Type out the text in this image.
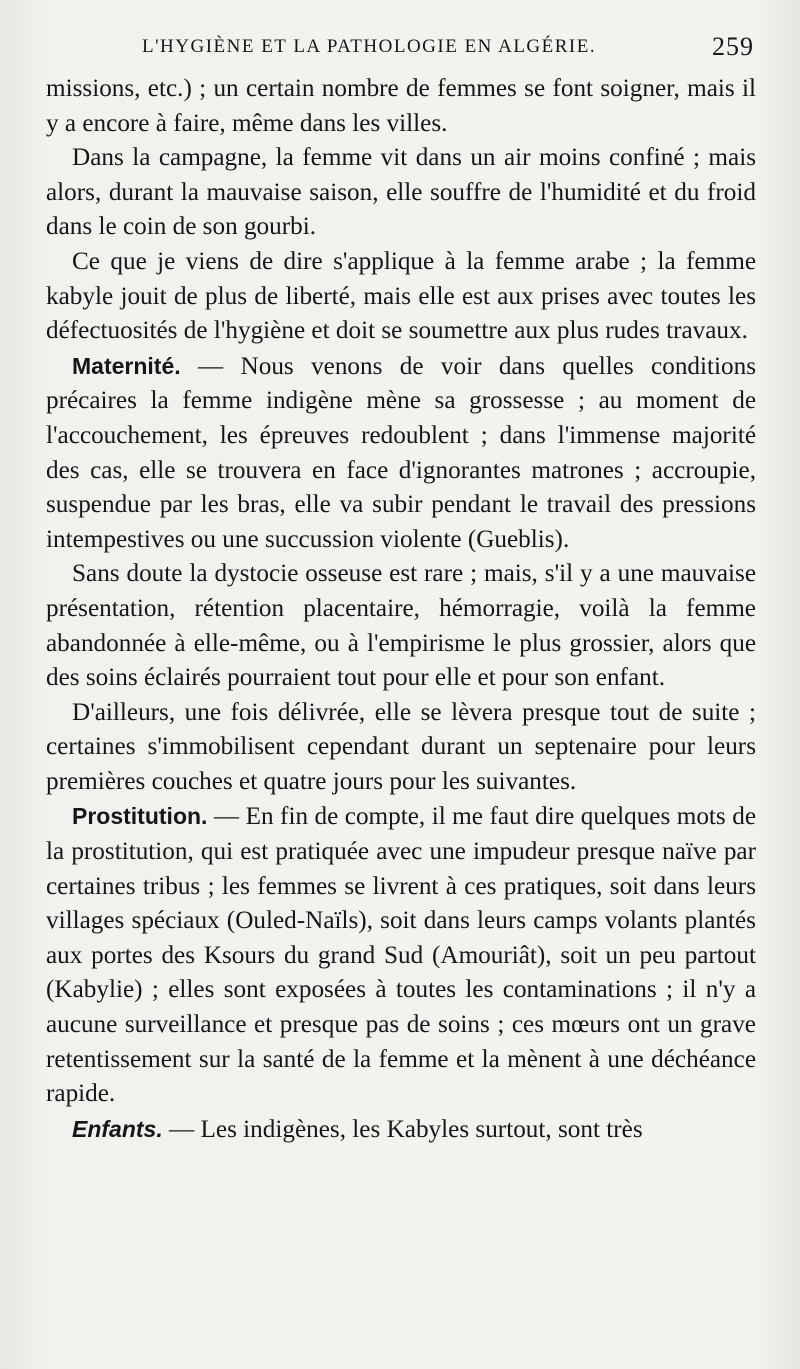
L'HYGIÈNE ET LA PATHOLOGIE EN ALGÉRIE.	259

missions, etc.) ; un certain nombre de femmes se font soigner, mais il y a encore à faire, même dans les villes.

Dans la campagne, la femme vit dans un air moins confiné ; mais alors, durant la mauvaise saison, elle souffre de l'humidité et du froid dans le coin de son gourbi.

Ce que je viens de dire s'applique à la femme arabe ; la femme kabyle jouit de plus de liberté, mais elle est aux prises avec toutes les défectuosités de l'hygiène et doit se soumettre aux plus rudes travaux.

Maternité. — Nous venons de voir dans quelles conditions précaires la femme indigène mène sa grossesse ; au moment de l'accouchement, les épreuves redoublent ; dans l'immense majorité des cas, elle se trouvera en face d'ignorantes matrones ; accroupie, suspendue par les bras, elle va subir pendant le travail des pressions intempestives ou une succussion violente (Gueblis).

Sans doute la dystocie osseuse est rare ; mais, s'il y a une mauvaise présentation, rétention placentaire, hémorragie, voilà la femme abandonnée à elle-même, ou à l'empirisme le plus grossier, alors que des soins éclairés pourraient tout pour elle et pour son enfant.

D'ailleurs, une fois délivrée, elle se lèvera presque tout de suite ; certaines s'immobilisent cependant durant un septenaire pour leurs premières couches et quatre jours pour les suivantes.

Prostitution. — En fin de compte, il me faut dire quelques mots de la prostitution, qui est pratiquée avec une impudeur presque naïve par certaines tribus ; les femmes se livrent à ces pratiques, soit dans leurs villages spéciaux (Ouled-Naïls), soit dans leurs camps volants plantés aux portes des Ksours du grand Sud (Amouriât), soit un peu partout (Kabylie) ; elles sont exposées à toutes les contaminations ; il n'y a aucune surveillance et presque pas de soins ; ces mœurs ont un grave retentissement sur la santé de la femme et la mènent à une déchéance rapide.

Enfants. — Les indigènes, les Kabyles surtout, sont très
